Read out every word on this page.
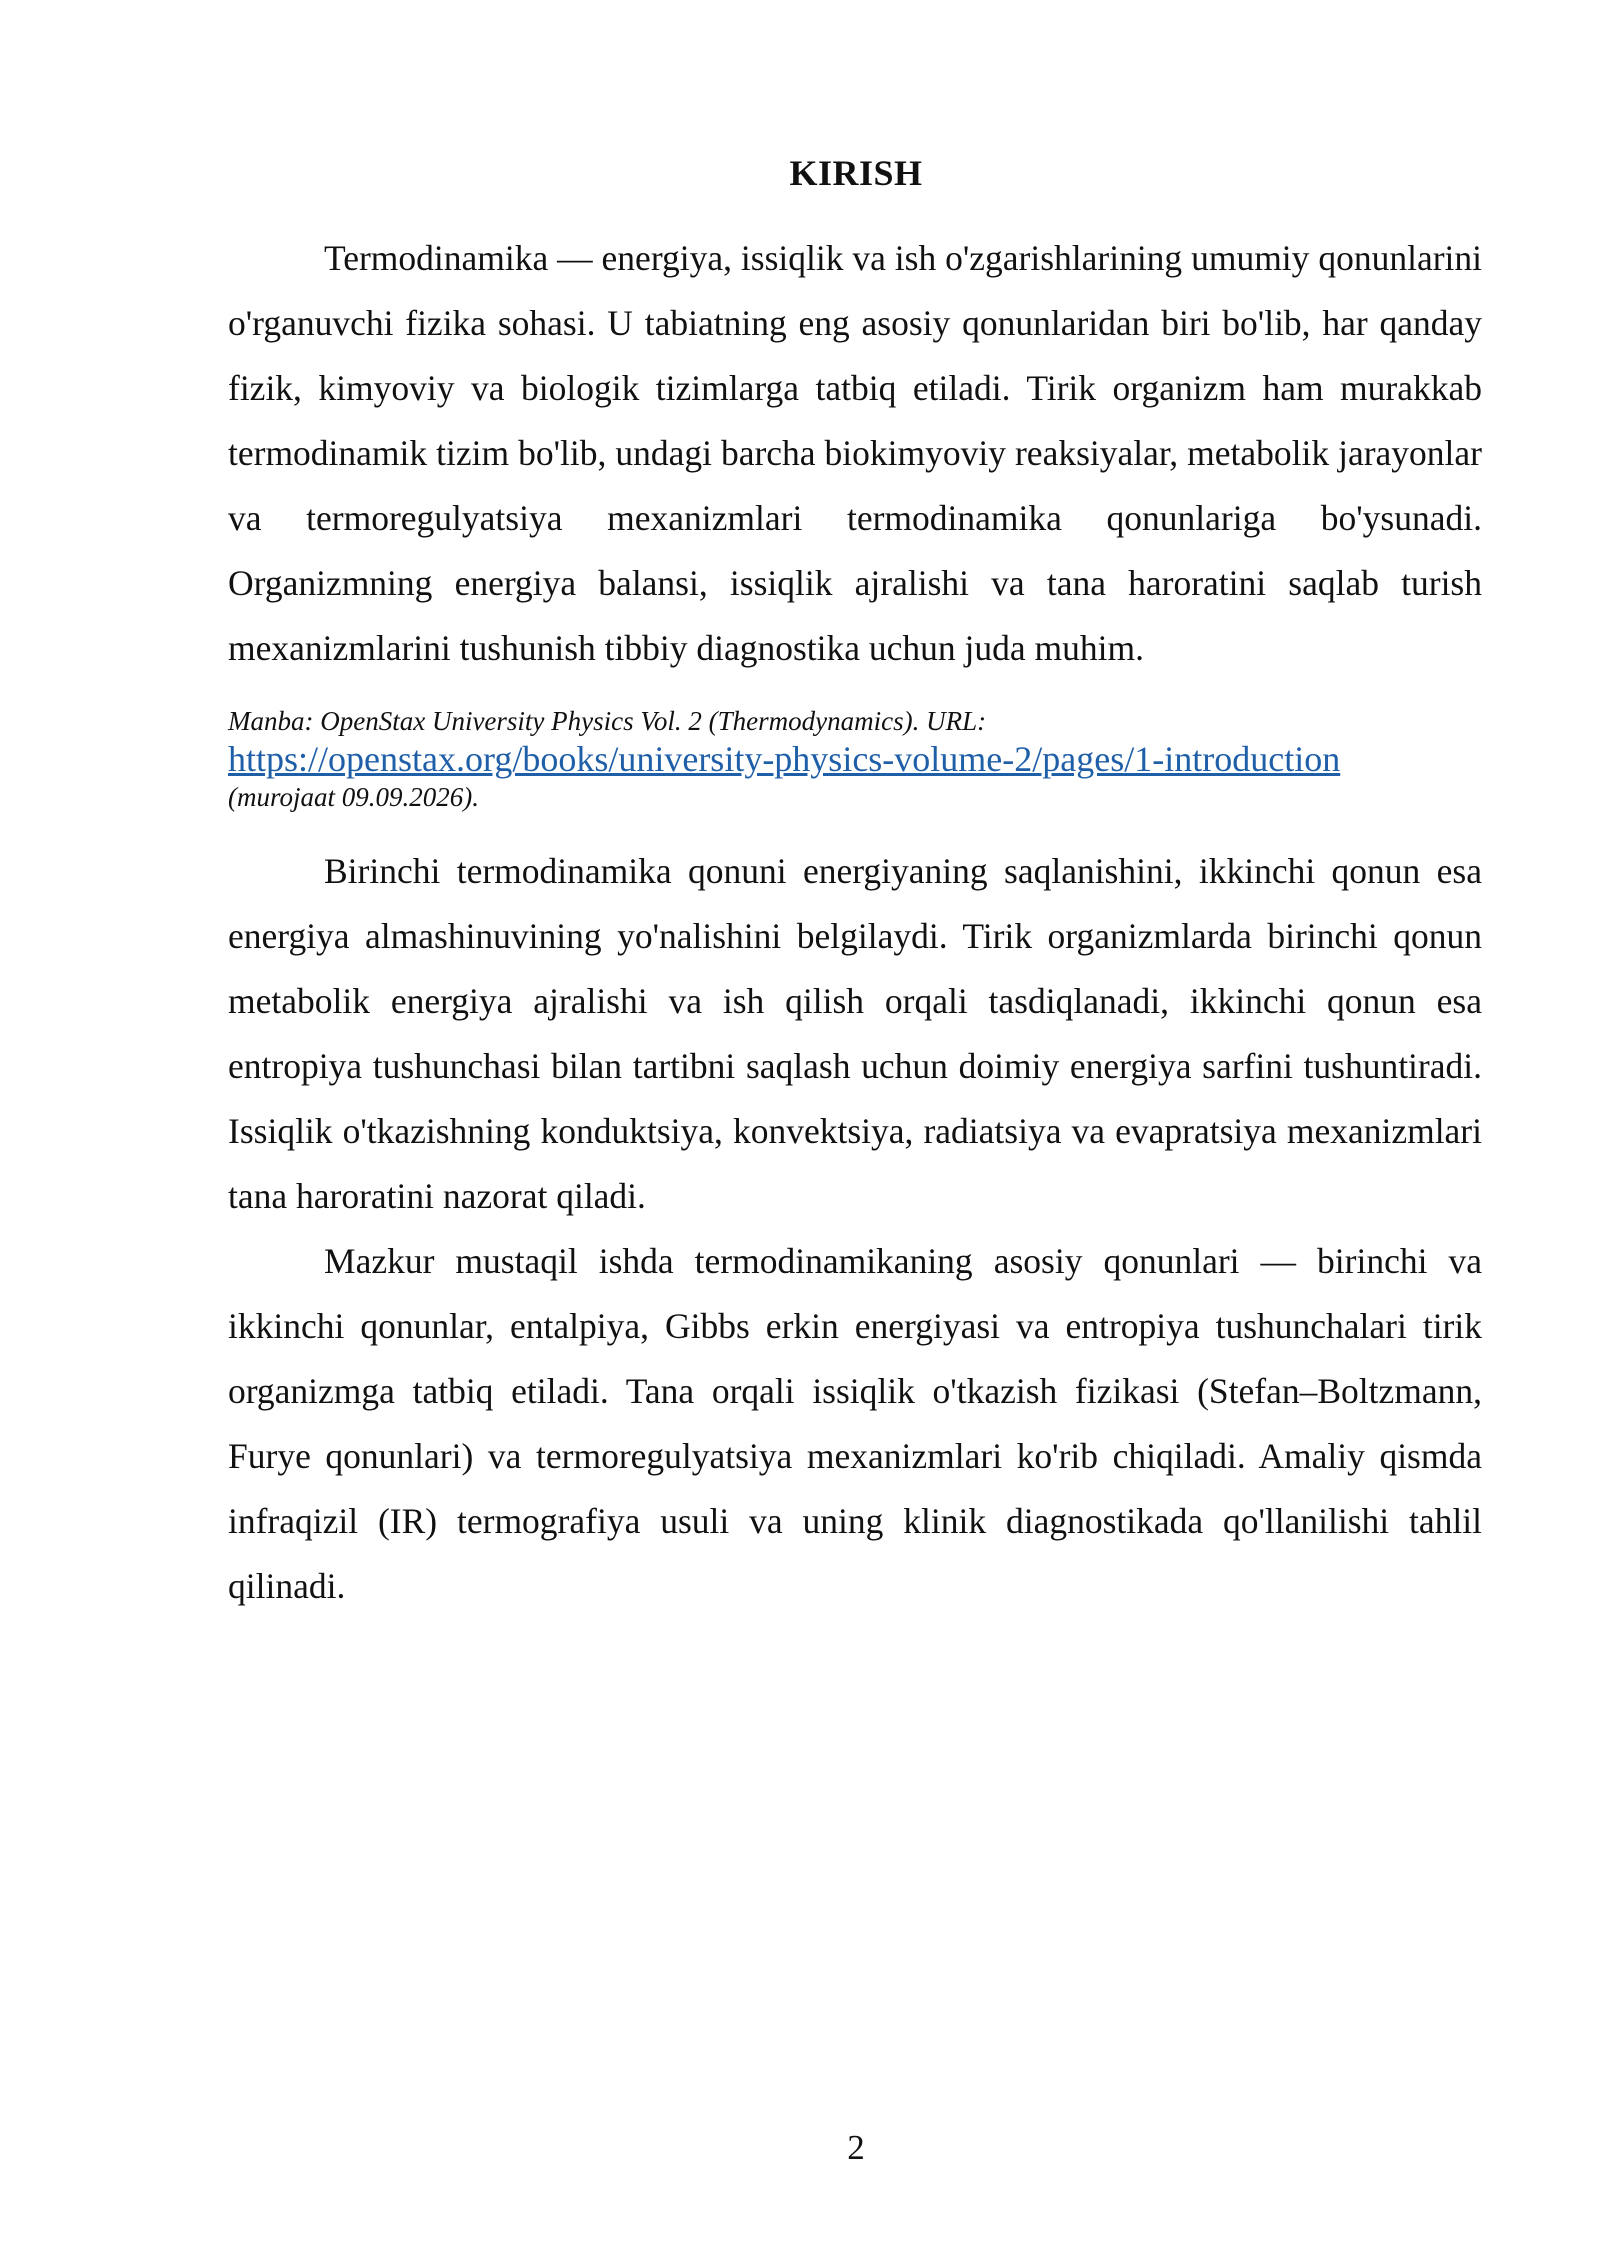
KIRISH

Termodinamika — energiya, issiqlik va ish o'zgarishlarining umumiy qonunlarini o'rganuvchi fizika sohasi. U tabiatning eng asosiy qonunlaridan biri bo'lib, har qanday fizik, kimyoviy va biologik tizimlarga tatbiq etiladi. Tirik organizm ham murakkab termodinamik tizim bo'lib, undagi barcha biokimyoviy reaksiyalar, metabolik jarayonlar va termoregulyatsiya mexanizmlari termodinamika qonunlariga bo'ysunadi. Organizmning energiya balansi, issiqlik ajralishi va tana haroratini saqlab turish mexanizmlarini tushunish tibbiy diagnostika uchun juda muhim.

Manba: OpenStax University Physics Vol. 2 (Thermodynamics). URL:
https://openstax.org/books/university-physics-volume-2/pages/1-introduction
(murojaat 09.09.2026).

Birinchi termodinamika qonuni energiyaning saqlanishini, ikkinchi qonun esa energiya almashinuvining yo'nalishini belgilaydi. Tirik organizmlarda birinchi qonun metabolik energiya ajralishi va ish qilish orqali tasdiqlanadi, ikkinchi qonun esa entropiya tushunchasi bilan tartibni saqlash uchun doimiy energiya sarfini tushuntiradi. Issiqlik o'tkazishning konduktsiya, konvektsiya, radiatsiya va evapratsiya mexanizmlari tana haroratini nazorat qiladi.

Mazkur mustaqil ishda termodinamikaning asosiy qonunlari — birinchi va ikkinchi qonunlar, entalpiya, Gibbs erkin energiyasi va entropiya tushunchalari tirik organizmga tatbiq etiladi. Tana orqali issiqlik o'tkazish fizikasi (Stefan–Boltzmann, Furye qonunlari) va termoregulyatsiya mexanizmlari ko'rib chiqiladi. Amaliy qismda infraqizil (IR) termografiya usuli va uning klinik diagnostikada qo'llanilishi tahlil qilinadi.

2
